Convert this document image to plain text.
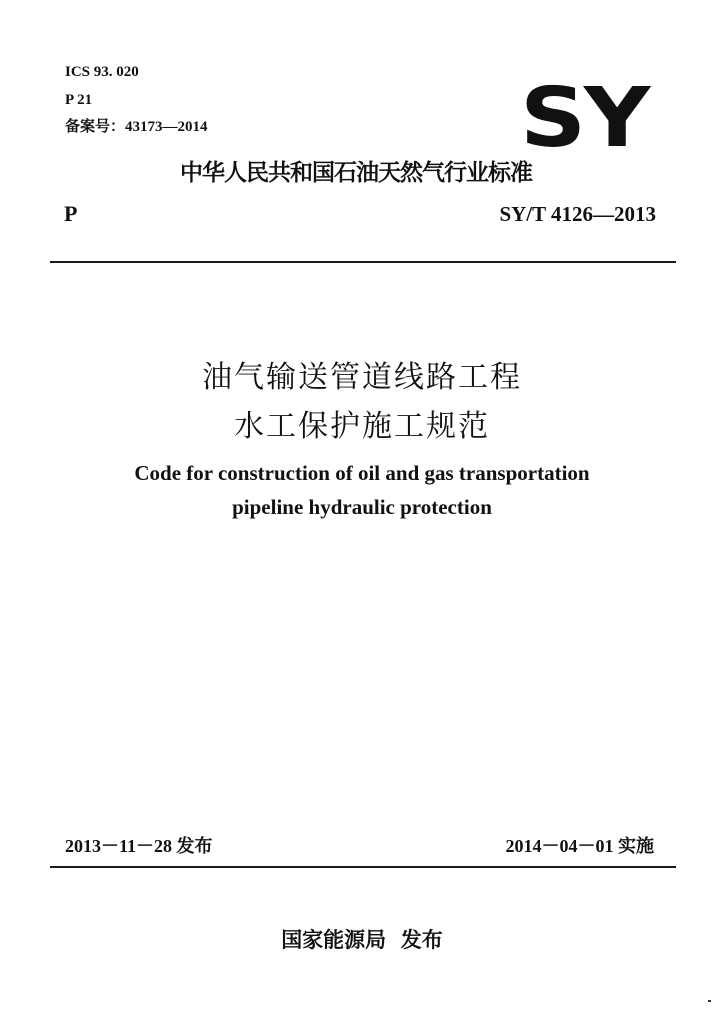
ICS 93. 020
P 21
备案号：43173—2014	SY
中华人民共和国石油天然气行业标准
P	SY/T 4126—2013
油气输送管道线路工程
水工保护施工规范
Code for construction of oil and gas transportation
pipeline hydraulic protection
2013－11－28 发布	2014－04－01 实施
国家能源局  发布
